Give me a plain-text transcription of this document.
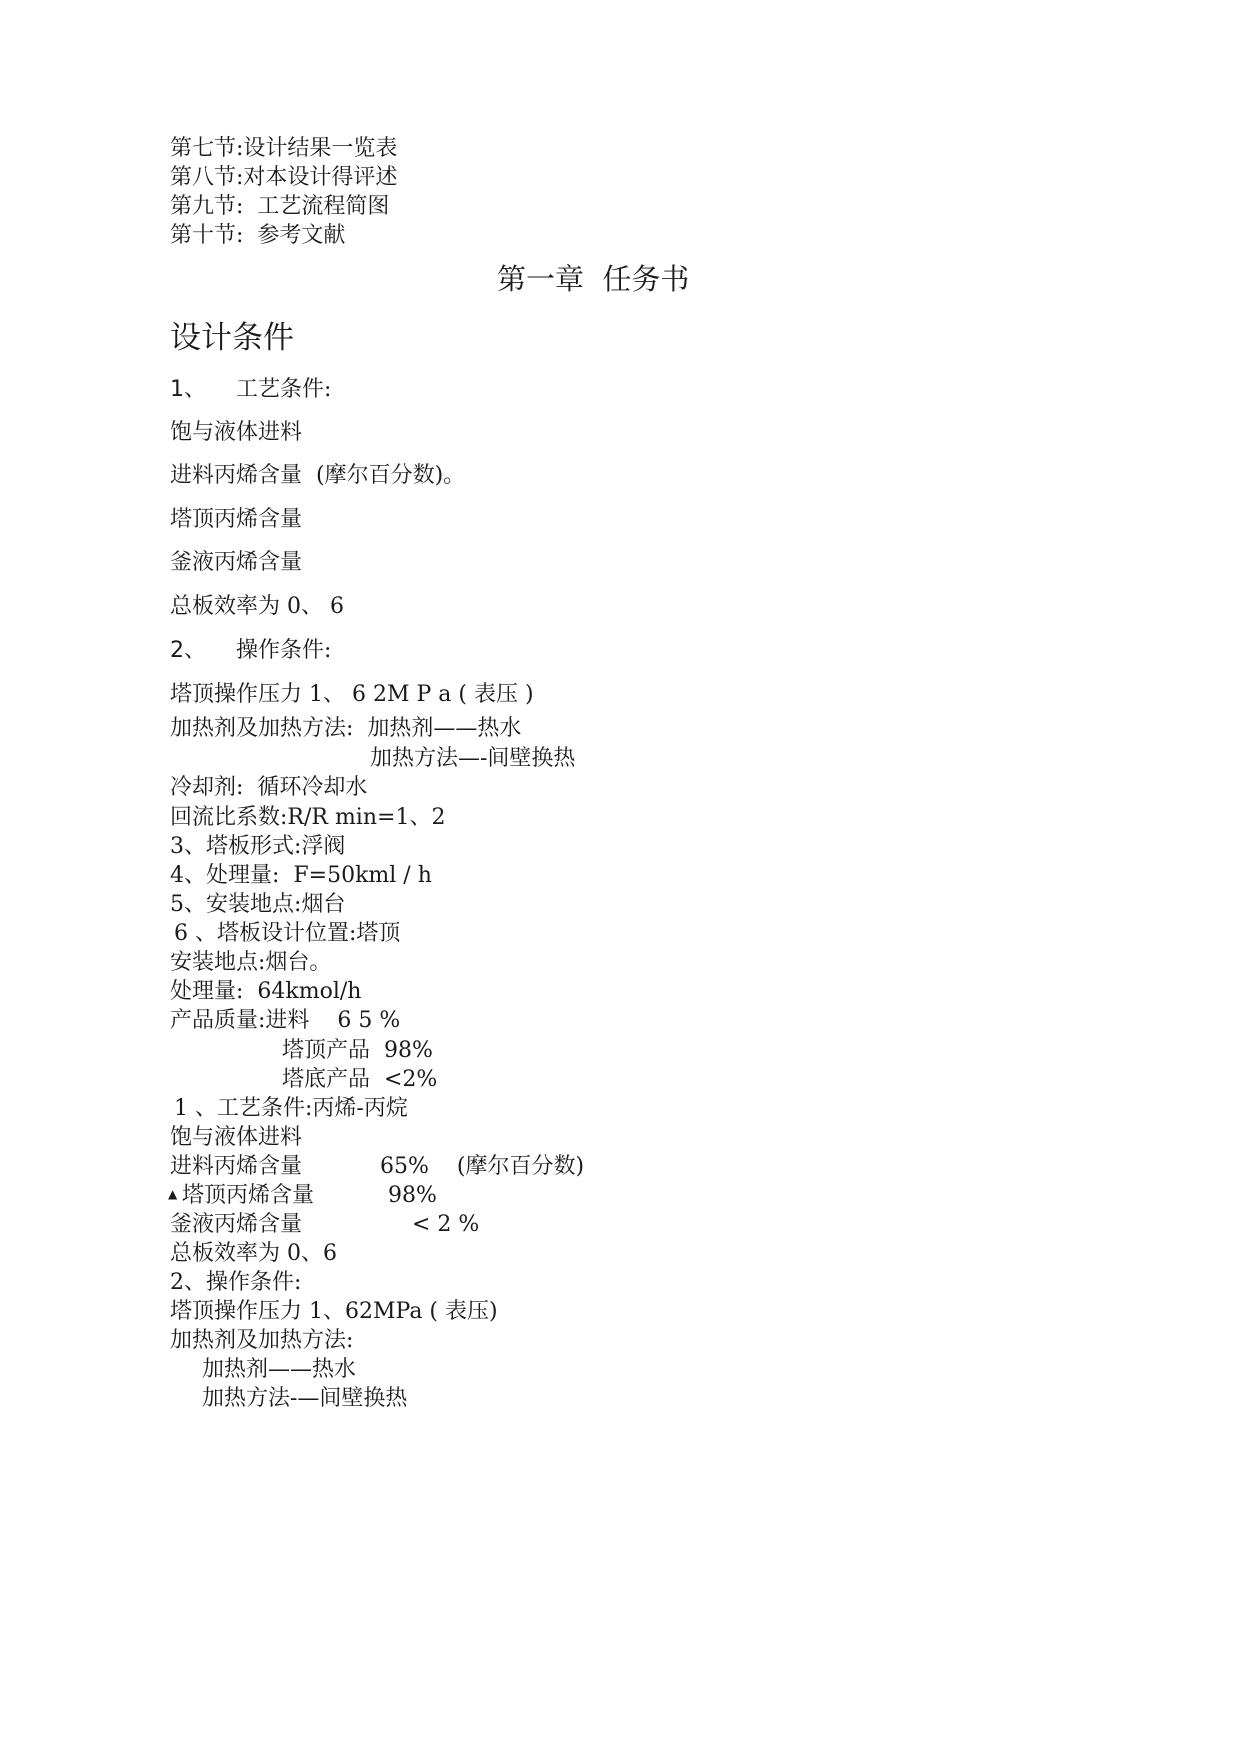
第七节:设计结果一览表
第八节:对本设计得评述
第九节:  工艺流程简图
第十节:  参考文献
第一章  任务书
设计条件
1、 工艺条件:
饱与液体进料
进料丙烯含量  (摩尔百分数)。
塔顶丙烯含量
釜液丙烯含量
总板效率为 0、 6
2、 操作条件:
塔顶操作压力 1、 6 2M P a ( 表压 )
加热剂及加热方法:  加热剂——热水
加热方法—-间壁换热
冷却剂:  循环冷却水
回流比系数:R/R min=1、2
3、塔板形式:浮阀
4、处理量:  F=50kml / h
5、安装地点:烟台
6 、塔板设计位置:塔顶
安装地点:烟台。
处理量:  64kmol/h
产品质量:进料    6 5 %
塔顶产品  98%
塔底产品  <2%
1 、工艺条件:丙烯-丙烷
饱与液体进料
进料丙烯含量	65%    (摩尔百分数)
▲ 塔顶丙烯含量	98%
釜液丙烯含量	< 2 %
总板效率为 0、6
2、操作条件:
塔顶操作压力 1、62MPa ( 表压)
加热剂及加热方法:
加热剂——热水
加热方法-—间壁换热
